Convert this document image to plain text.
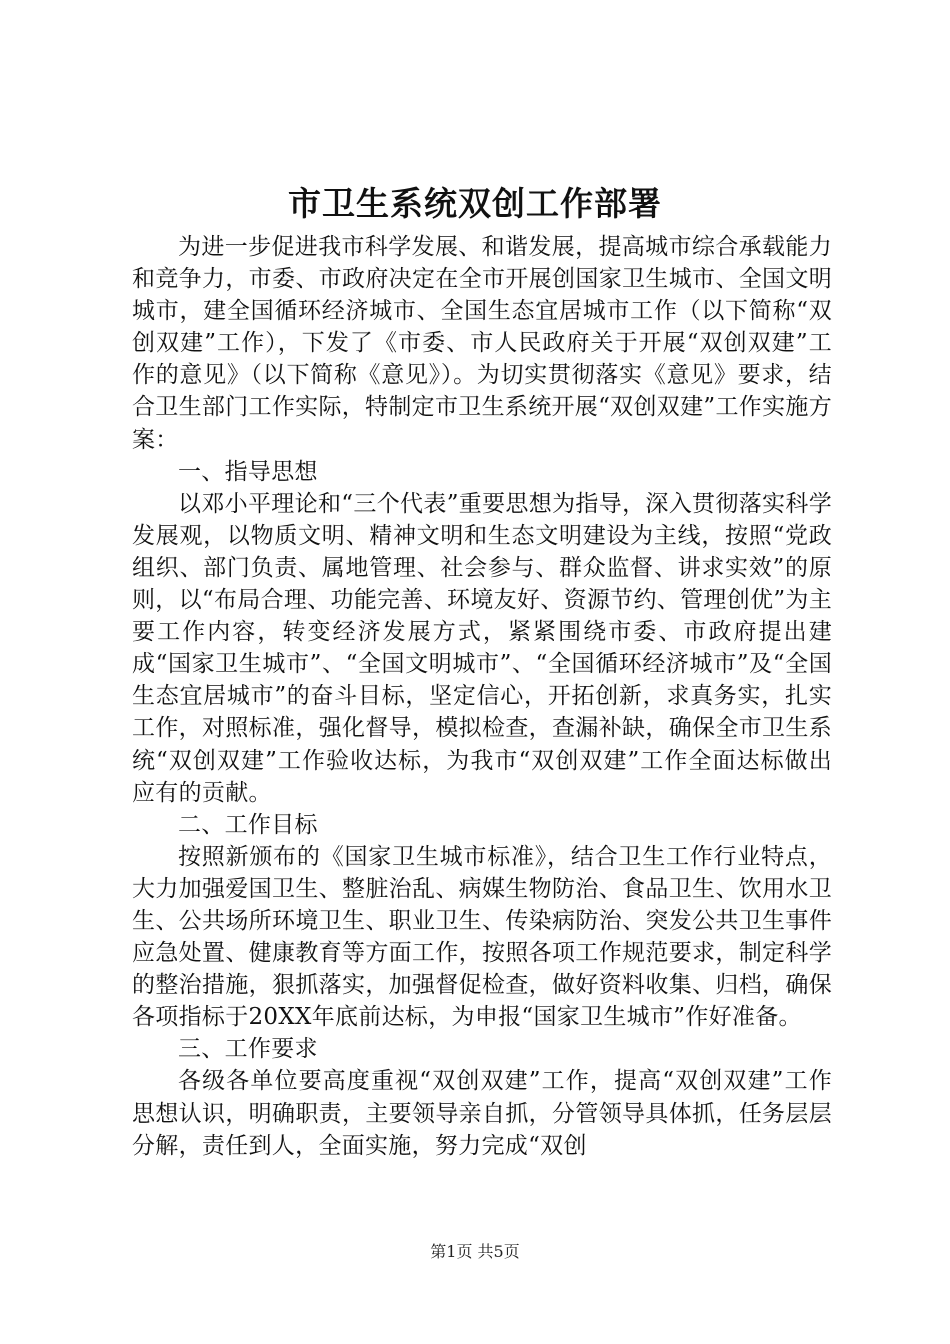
市卫生系统双创工作部署

为进一步促进我市科学发展、和谐发展，提高城市综合承载能力和竞争力，市委、市政府决定在全市开展创国家卫生城市、全国文明城市，建全国循环经济城市、全国生态宜居城市工作（以下简称“双创双建”工作），下发了《市委、市人民政府关于开展“双创双建”工作的意见》（以下简称《意见》）。为切实贯彻落实《意见》要求，结合卫生部门工作实际，特制定市卫生系统开展“双创双建”工作实施方案：

一、指导思想

以邓小平理论和“三个代表”重要思想为指导，深入贯彻落实科学发展观，以物质文明、精神文明和生态文明建设为主线，按照“党政组织、部门负责、属地管理、社会参与、群众监督、讲求实效”的原则，以“布局合理、功能完善、环境友好、资源节约、管理创优”为主要工作内容，转变经济发展方式，紧紧围绕市委、市政府提出建成“国家卫生城市”、“全国文明城市”、“全国循环经济城市”及“全国生态宜居城市”的奋斗目标，坚定信心，开拓创新，求真务实，扎实工作，对照标准，强化督导，模拟检查，查漏补缺，确保全市卫生系统“双创双建”工作验收达标，为我市“双创双建”工作全面达标做出应有的贡献。

二、工作目标

按照新颁布的《国家卫生城市标准》，结合卫生工作行业特点，大力加强爱国卫生、整脏治乱、病媒生物防治、食品卫生、饮用水卫生、公共场所环境卫生、职业卫生、传染病防治、突发公共卫生事件应急处置、健康教育等方面工作，按照各项工作规范要求，制定科学的整治措施，狠抓落实，加强督促检查，做好资料收集、归档，确保各项指标于20XX年底前达标，为申报“国家卫生城市”作好准备。

三、工作要求

各级各单位要高度重视“双创双建”工作，提高“双创双建”工作思想认识，明确职责，主要领导亲自抓，分管领导具体抓，任务层层分解，责任到人，全面实施，努力完成“双创

第1页 共5页
